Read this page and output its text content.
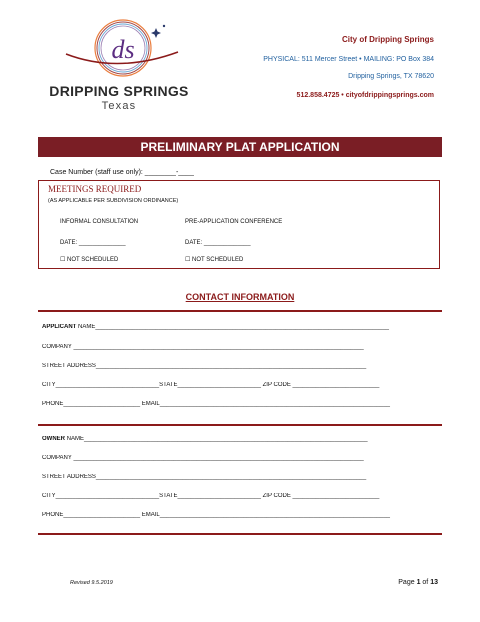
ds
DRIPPING SPRINGS
Texas
City of Dripping Springs
PHYSICAL: 511 Mercer Street • MAILING: PO Box 384
Dripping Springs, TX 78620
512.858.4725 • cityofdrippingsprings.com
PRELIMINARY PLAT APPLICATION
Case Number (staff use only): ________-____
MEETINGS REQUIRED
(AS APPLICABLE PER SUBDIVISION ORDINANCE)
INFORMAL CONSULTATION
DATE: ______________
☐ NOT SCHEDULED
PRE-APPLICATION CONFERENCE
DATE: ______________
☐ NOT SCHEDULED
CONTACT INFORMATION
APPLICANT NAME________________________________________________________________________________________
COMPANY _______________________________________________________________________________________
STREET ADDRESS_________________________________________________________________________________
CITY_______________________________STATE_________________________ ZIP CODE __________________________
PHONE_______________________ EMAIL_____________________________________________________________________
OWNER NAME_____________________________________________________________________________________
COMPANY _______________________________________________________________________________________
STREET ADDRESS_________________________________________________________________________________
CITY_______________________________STATE_________________________ ZIP CODE __________________________
PHONE_______________________ EMAIL_____________________________________________________________________
Revised 9.5.2019	Page 1 of 13
